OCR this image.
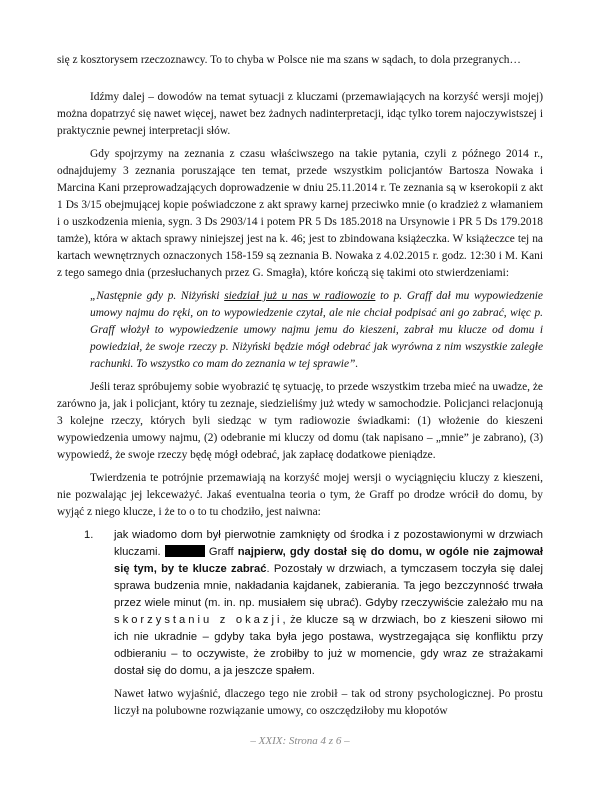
się z kosztorysem rzeczoznawcy. To to chyba w Polsce nie ma szans w sądach, to dola przegranych…

Idźmy dalej – dowodów na temat sytuacji z kluczami (przemawiających na korzyść wersji mojej) można dopatrzyć się nawet więcej, nawet bez żadnych nadinterpretacji, idąc tylko torem najoczywistszej i praktycznie pewnej interpretacji słów.

Gdy spojrzymy na zeznania z czasu właściwszego na takie pytania, czyli z późnego 2014 r., odnajdujemy 3 zeznania poruszające ten temat, przede wszystkim policjantów Bartosza Nowaka i Marcina Kani przeprowadzających doprowadzenie w dniu 25.11.2014 r. Te zeznania są w kserokopii z akt 1 Ds 3/15 obejmującej kopie poświadczone z akt sprawy karnej przeciwko mnie (o kradzież z włamaniem i o uszkodzenia mienia, sygn. 3 Ds 2903/14 i potem PR 5 Ds 185.2018 na Ursynowie i PR 5 Ds 179.2018 tamże), która w aktach sprawy niniejszej jest na k. 46; jest to zbindowana książeczka. W książeczce tej na kartach wewnętrznych oznaczonych 158-159 są zeznania B. Nowaka z 4.02.2015 r. godz. 12:30 i M. Kani z tego samego dnia (przesłuchanych przez G. Smagła), które kończą się takimi oto stwierdzeniami:

„Następnie gdy p. Niżyński siedział już u nas w radiowozie to p. Graff dał mu wypowiedzenie umowy najmu do ręki, on to wypowiedzenie czytał, ale nie chciał podpisać ani go zabrać, więc p. Graff włożył to wypowiedzenie umowy najmu jemu do kieszeni, zabrał mu klucze od domu i powiedział, że swoje rzeczy p. Niżyński będzie mógł odebrać jak wyrówna z nim wszystkie zaległe rachunki. To wszystko co mam do zeznania w tej sprawie”.

Jeśli teraz spróbujemy sobie wyobrazić tę sytuację, to przede wszystkim trzeba mieć na uwadze, że zarówno ja, jak i policjant, który tu zeznaje, siedzieliśmy już wtedy w samochodzie. Policjanci relacjonują 3 kolejne rzeczy, których byli siedząc w tym radiowozie świadkami: (1) włożenie do kieszeni wypowiedzenia umowy najmu, (2) odebranie mi kluczy od domu (tak napisano – „mnie” je zabrano), (3) wypowiedź, że swoje rzeczy będę mógł odebrać, jak zapłacę dodatkowe pieniądze.

Twierdzenia te potrójnie przemawiają na korzyść mojej wersji o wyciągnięciu kluczy z kieszeni, nie pozwalając jej lekceważyć. Jakaś eventualna teoria o tym, że Graff po drodze wrócił do domu, by wyjąć z niego klucze, i że to o to tu chodziło, jest naiwna:

1. jak wiadomo dom był pierwotnie zamknięty od środka i z pozostawionymi w drzwiach kluczami.	Graff najpierw, gdy dostał się do domu, w ogóle nie zajmował się tym, by te klucze zabrać. Pozostały w drzwiach, a tymczasem toczyła się dalej sprawa budzenia mnie, nakładania kajdanek, zabierania. Ta jego bezczynność trwała przez wiele minut (m. in. np. musiałem się ubrać). Gdyby rzeczywiście zależało mu na skorzystaniu z okazji, że klucze są w drzwiach, bo z kieszeni siłowo mi ich nie ukradnie – gdyby taka była jego postawa, wystrzegająca się konfliktu przy odbieraniu – to oczywiste, że zrobiłby to już w momencie, gdy wraz ze strażakami dostał się do domu, a ja jeszcze spałem.

Nawet łatwo wyjaśnić, dlaczego tego nie zrobił – tak od strony psychologicznej. Po prostu liczył na polubowne rozwiązanie umowy, co oszczędziłoby mu kłopotów

– XXIX: Strona 4 z 6 –
